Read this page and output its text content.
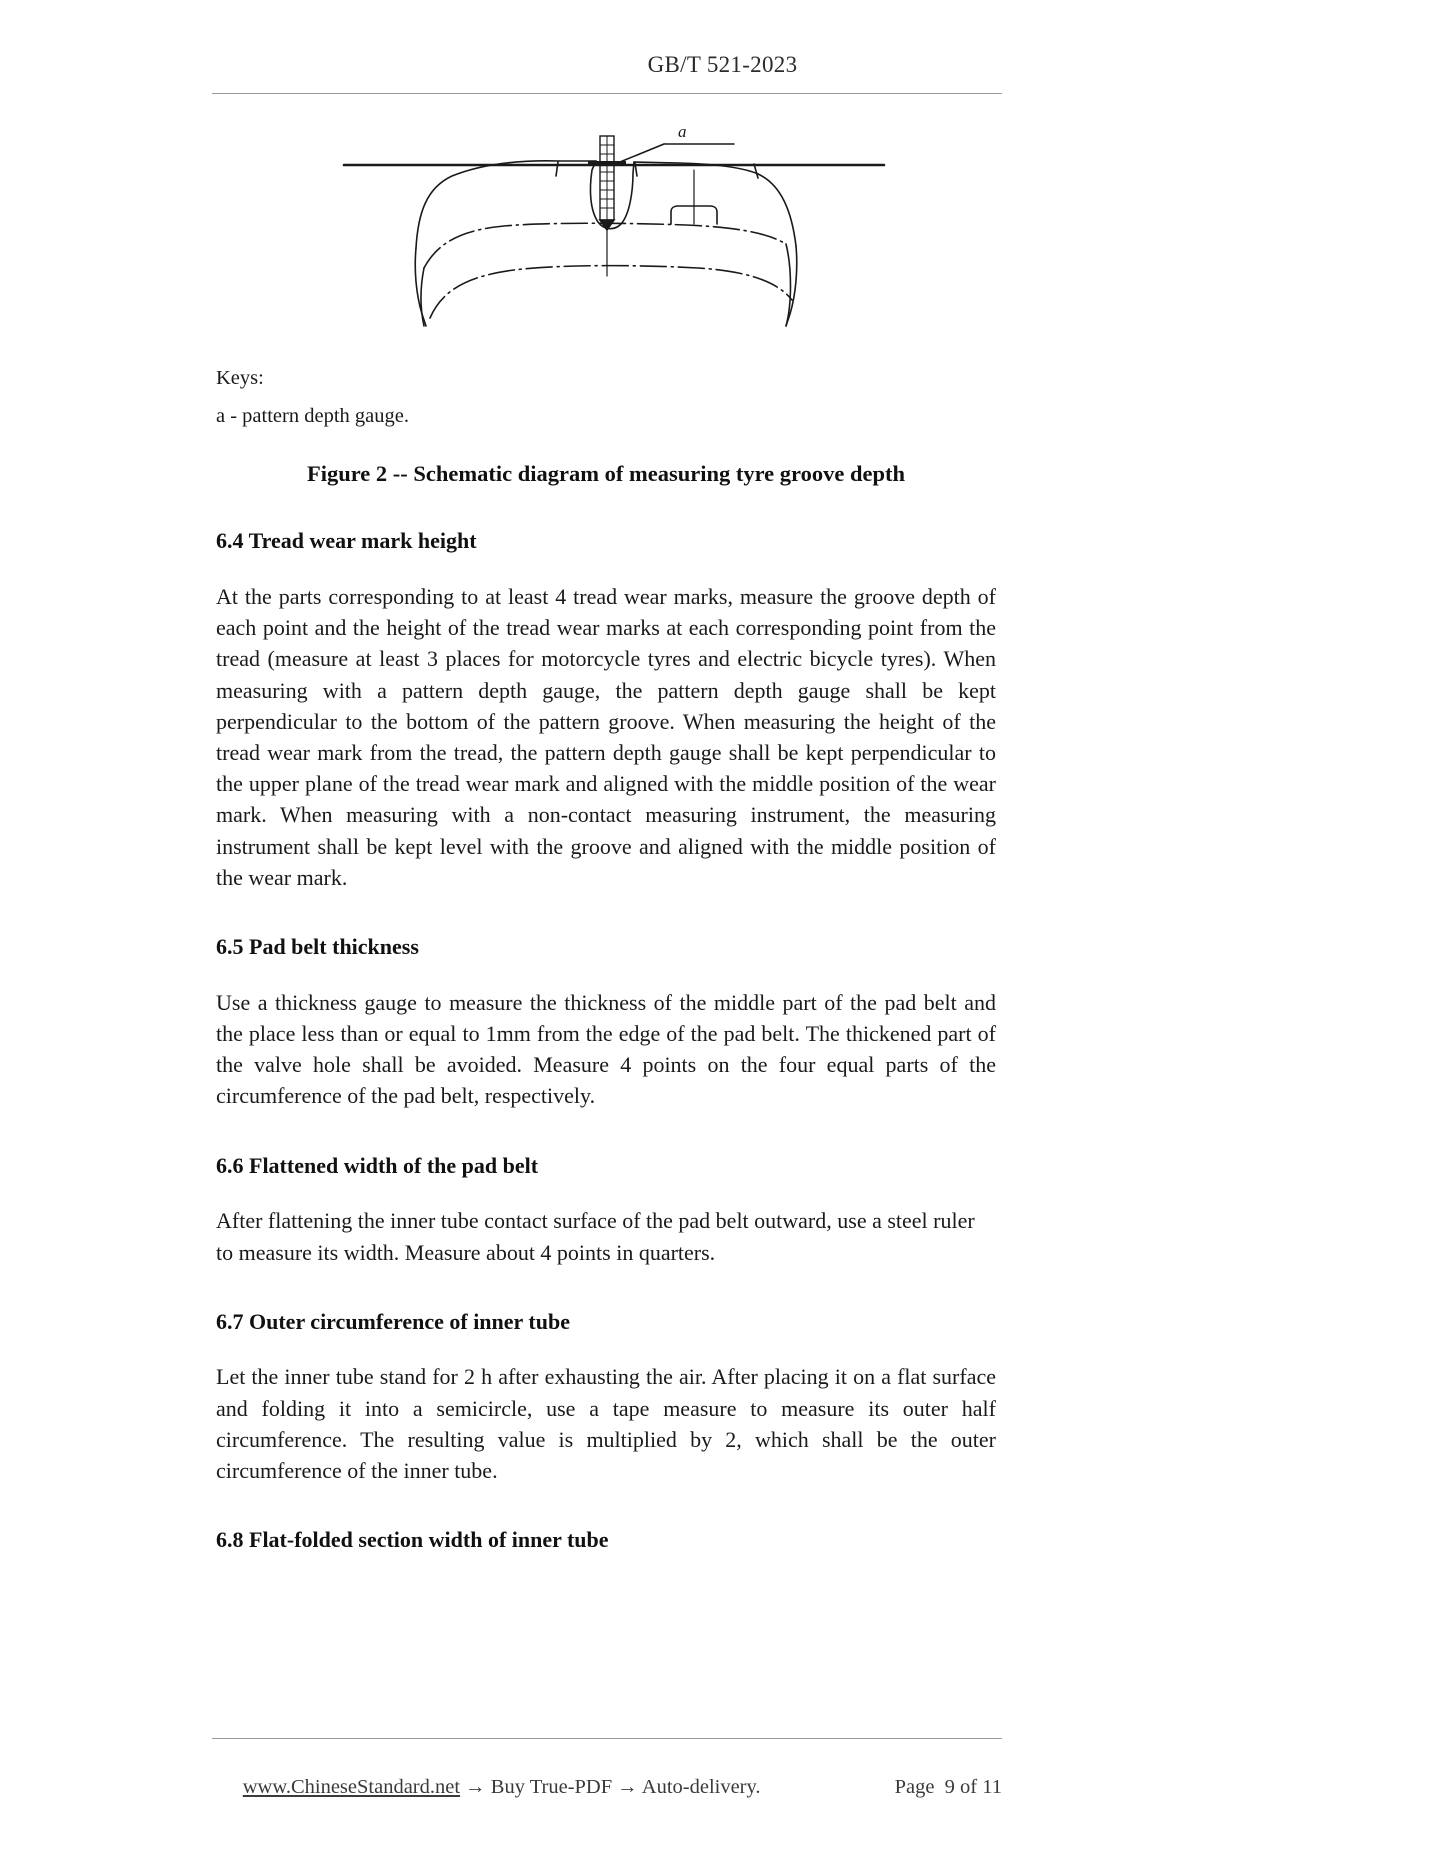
GB/T 521-2023
a
Keys:
a - pattern depth gauge.
Figure 2 -- Schematic diagram of measuring tyre groove depth
6.4 Tread wear mark height

At the parts corresponding to at least 4 tread wear marks, measure the groove depth of each point and the height of the tread wear marks at each corresponding point from the tread (measure at least 3 places for motorcycle tyres and electric bicycle tyres). When measuring with a pattern depth gauge, the pattern depth gauge shall be kept perpendicular to the bottom of the pattern groove. When measuring the height of the tread wear mark from the tread, the pattern depth gauge shall be kept perpendicular to the upper plane of the tread wear mark and aligned with the middle position of the wear mark. When measuring with a non-contact measuring instrument, the measuring instrument shall be kept level with the groove and aligned with the middle position of the wear mark.

6.5 Pad belt thickness

Use a thickness gauge to measure the thickness of the middle part of the pad belt and the place less than or equal to 1mm from the edge of the pad belt. The thickened part of the valve hole shall be avoided. Measure 4 points on the four equal parts of the circumference of the pad belt, respectively.

6.6 Flattened width of the pad belt

After flattening the inner tube contact surface of the pad belt outward, use a steel ruler to measure its width. Measure about 4 points in quarters.

6.7 Outer circumference of inner tube

Let the inner tube stand for 2 h after exhausting the air. After placing it on a flat surface and folding it into a semicircle, use a tape measure to measure its outer half circumference. The resulting value is multiplied by 2, which shall be the outer circumference of the inner tube.

6.8 Flat-folded section width of inner tube

www.ChineseStandard.net → Buy True-PDF → Auto-delivery.
	Page 9 of 11
